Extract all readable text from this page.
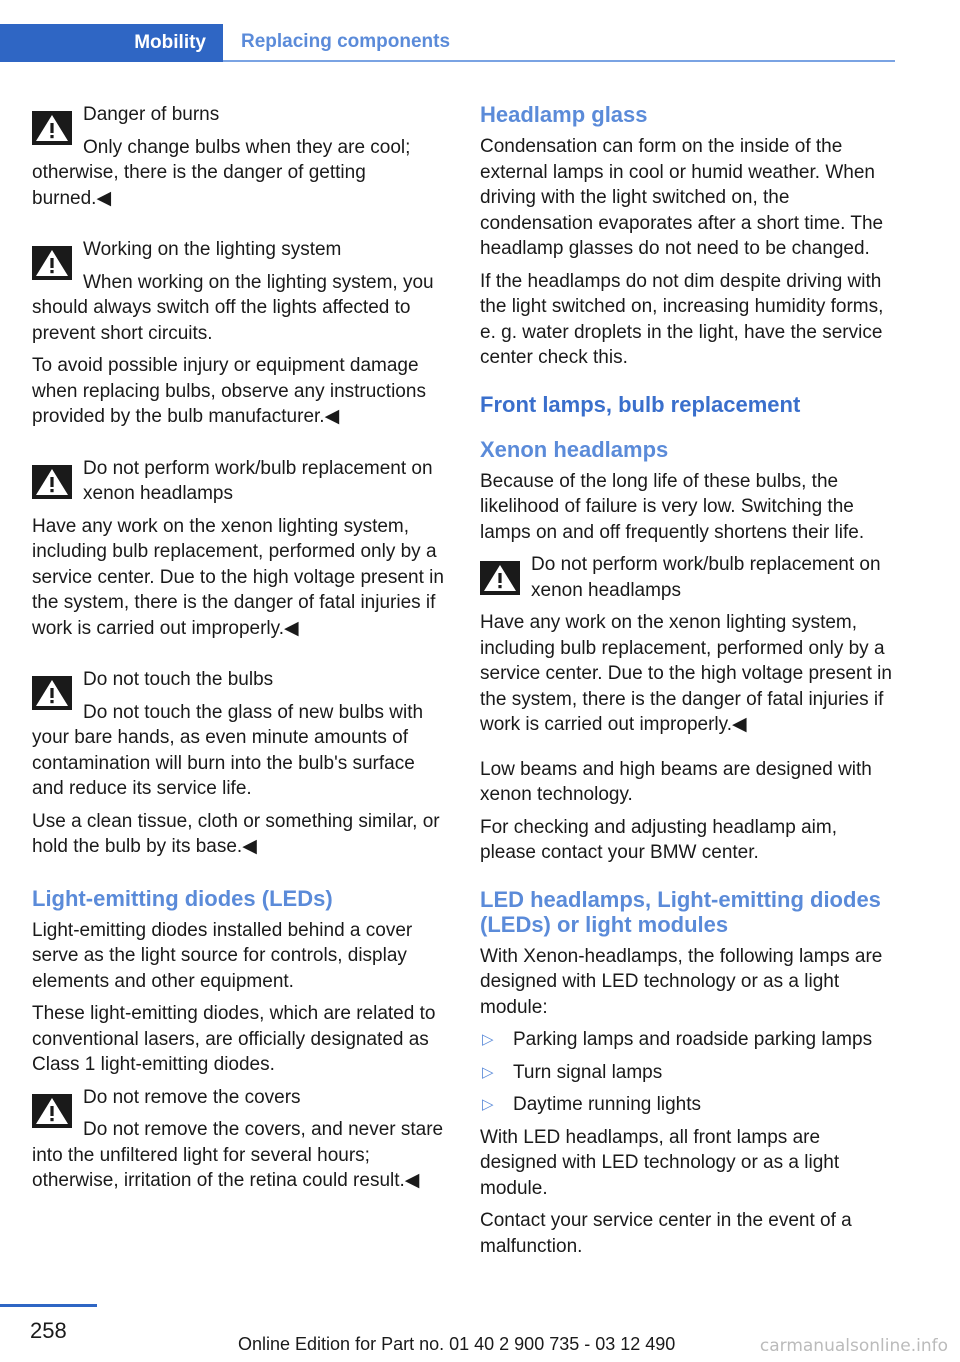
Mobility Replacing components

Danger of burns

Only change bulbs when they are cool; otherwise, there is the danger of getting burned.◀

Working on the lighting system

When working on the lighting system, you should always switch off the lights affected to prevent short circuits.

To avoid possible injury or equipment damage when replacing bulbs, observe any instructions provided by the bulb manufacturer.◀

Do not perform work/bulb replacement on xenon headlamps

Have any work on the xenon lighting system, including bulb replacement, performed only by a service center. Due to the high voltage present in the system, there is the danger of fatal injuries if work is carried out improperly.◀

Do not touch the bulbs

Do not touch the glass of new bulbs with your bare hands, as even minute amounts of contamination will burn into the bulb's surface and reduce its service life.

Use a clean tissue, cloth or something similar, or hold the bulb by its base.◀

Light-emitting diodes (LEDs)

Light-emitting diodes installed behind a cover serve as the light source for controls, display elements and other equipment.

These light-emitting diodes, which are related to conventional lasers, are officially designated as Class 1 light-emitting diodes.

Do not remove the covers

Do not remove the covers, and never stare into the unfiltered light for several hours; otherwise, irritation of the retina could result.◀

Headlamp glass

Condensation can form on the inside of the external lamps in cool or humid weather. When driving with the light switched on, the condensation evaporates after a short time. The headlamp glasses do not need to be changed.

If the headlamps do not dim despite driving with the light switched on, increasing humidity forms, e. g. water droplets in the light, have the service center check this.

Front lamps, bulb replacement
Xenon headlamps

Because of the long life of these bulbs, the likelihood of failure is very low. Switching the lamps on and off frequently shortens their life.

Do not perform work/bulb replacement on xenon headlamps

Have any work on the xenon lighting system, including bulb replacement, performed only by a service center. Due to the high voltage present in the system, there is the danger of fatal injuries if work is carried out improperly.◀

Low beams and high beams are designed with xenon technology.

For checking and adjusting headlamp aim, please contact your BMW center.

LED headlamps, Light-emitting diodes (LEDs) or light modules

With Xenon-headlamps, the following lamps are designed with LED technology or as a light module:

▷ Parking lamps and roadside parking lamps
▷ Turn signal lamps
▷ Daytime running lights

With LED headlamps, all front lamps are designed with LED technology or as a light module.

Contact your service center in the event of a malfunction.

258
Online Edition for Part no. 01 40 2 900 735 - 03 12 490	carmanualsonline.info
